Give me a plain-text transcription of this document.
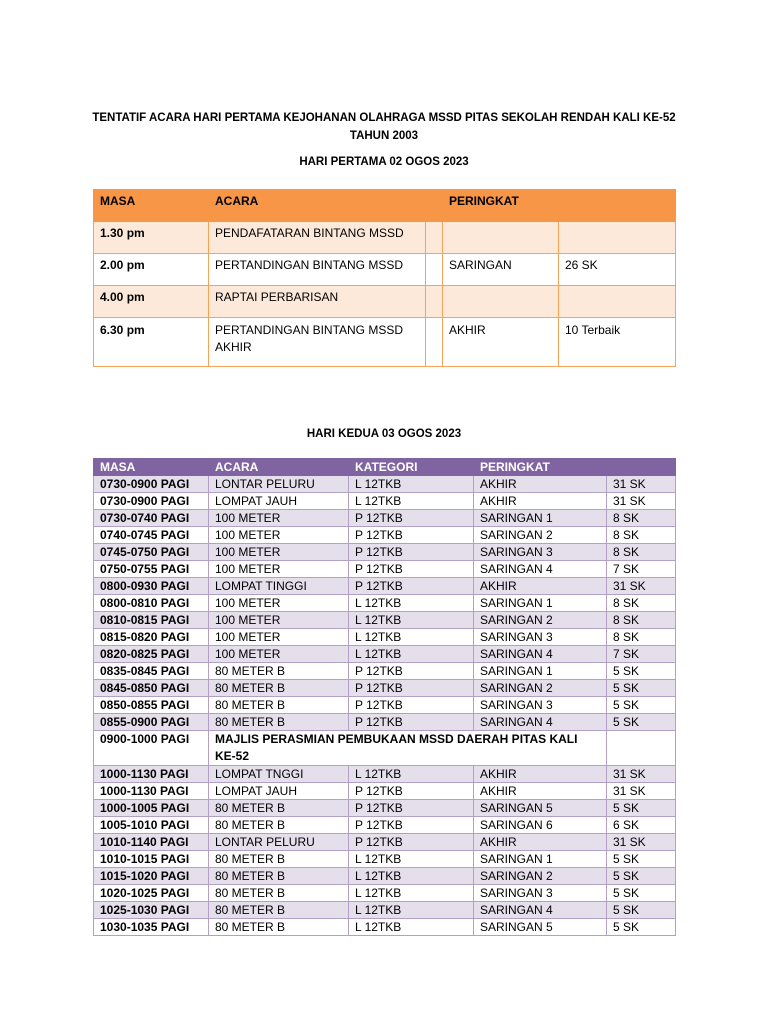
TENTATIF ACARA HARI PERTAMA KEJOHANAN OLAHRAGA MSSD PITAS SEKOLAH RENDAH KALI KE-52 TAHUN 2003
HARI PERTAMA 02 OGOS 2023
MASA	ACARA		PERINGKAT	
1.30 pm	PENDAFATARAN BINTANG MSSD			
2.00 pm	PERTANDINGAN BINTANG MSSD		SARINGAN	26 SK
4.00 pm	RAPTAI PERBARISAN			
6.30 pm	PERTANDINGAN BINTANG MSSD AKHIR		AKHIR	10 Terbaik
HARI KEDUA 03 OGOS 2023
MASA	ACARA	KATEGORI	PERINGKAT	
0730-0900 PAGI	LONTAR PELURU	L 12TKB	AKHIR	31 SK
0730-0900 PAGI	LOMPAT JAUH	L 12TKB	AKHIR	31 SK
0730-0740 PAGI	100 METER	P 12TKB	SARINGAN 1	8 SK
0740-0745 PAGI	100 METER	P 12TKB	SARINGAN 2	8 SK
0745-0750 PAGI	100 METER	P 12TKB	SARINGAN 3	8 SK
0750-0755 PAGI	100 METER	P 12TKB	SARINGAN 4	7 SK
0800-0930 PAGI	LOMPAT TINGGI	P 12TKB	AKHIR	31 SK
0800-0810 PAGI	100 METER	L 12TKB	SARINGAN 1	8 SK
0810-0815 PAGI	100 METER	L 12TKB	SARINGAN 2	8 SK
0815-0820 PAGI	100 METER	L 12TKB	SARINGAN 3	8 SK
0820-0825 PAGI	100 METER	L 12TKB	SARINGAN 4	7 SK
0835-0845 PAGI	80 METER B	P 12TKB	SARINGAN 1	5 SK
0845-0850 PAGI	80 METER B	P 12TKB	SARINGAN 2	5 SK
0850-0855 PAGI	80 METER B	P 12TKB	SARINGAN 3	5 SK
0855-0900 PAGI	80 METER B	P 12TKB	SARINGAN 4	5 SK
0900-1000 PAGI	MAJLIS PERASMIAN PEMBUKAAN MSSD DAERAH PITAS KALI KE-52			
1000-1130 PAGI	LOMPAT TNGGI	L 12TKB	AKHIR	31 SK
1000-1130 PAGI	LOMPAT JAUH	P 12TKB	AKHIR	31 SK
1000-1005 PAGI	80 METER B	P 12TKB	SARINGAN 5	5 SK
1005-1010 PAGI	80 METER B	P 12TKB	SARINGAN 6	6 SK
1010-1140 PAGI	LONTAR PELURU	P 12TKB	AKHIR	31 SK
1010-1015 PAGI	80 METER B	L 12TKB	SARINGAN 1	5 SK
1015-1020 PAGI	80 METER B	L 12TKB	SARINGAN 2	5 SK
1020-1025 PAGI	80 METER B	L 12TKB	SARINGAN 3	5 SK
1025-1030 PAGI	80 METER B	L 12TKB	SARINGAN 4	5 SK
1030-1035 PAGI	80 METER B	L 12TKB	SARINGAN 5	5 SK
